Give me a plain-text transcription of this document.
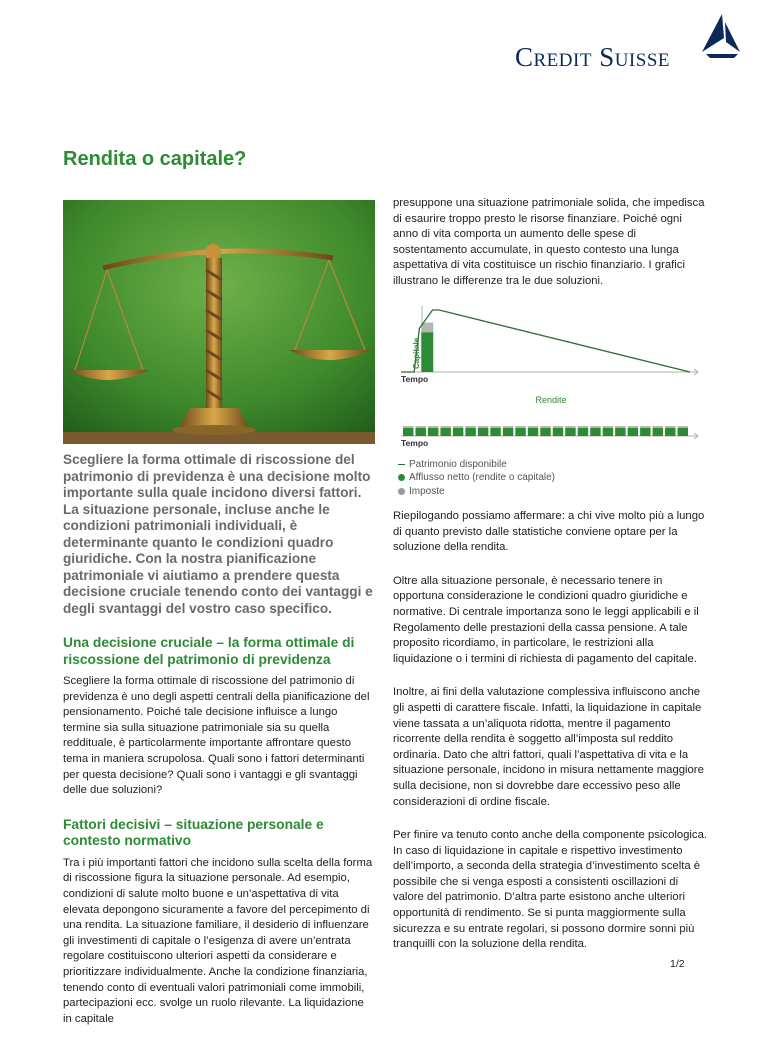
Credit Suisse
Rendita o capitale?

Scegliere la forma ottimale di riscossione del patrimonio di previdenza è una decisione molto importante sulla quale incidono diversi fattori. La situazione personale, incluse anche le condizioni patrimoniali individuali, è determinante quanto le condizioni quadro giuridiche. Con la nostra pianificazione patrimoniale vi aiutiamo a prendere questa decisione cruciale tenendo conto dei vantaggi e degli svantaggi del vostro caso specifico.

Una decisione cruciale – la forma ottimale di riscossione del patrimonio di previdenza

Scegliere la forma ottimale di riscossione del patrimonio di previdenza è uno degli aspetti centrali della pianificazione del pensionamento. Poiché tale decisione influisce a lungo termine sia sulla situazione patrimoniale sia su quella reddituale, è particolarmente importante affrontare questo tema in maniera scrupolosa. Quali sono i fattori determinanti per questa decisione? Quali sono i vantaggi e gli svantaggi delle due soluzioni?

Fattori decisivi – situazione personale e contesto normativo

Tra i più importanti fattori che incidono sulla scelta della forma di riscossione figura la situazione personale. Ad esempio, condizioni di salute molto buone e un’aspettativa di vita elevata depongono sicuramente a favore del percepimento di una rendita. La situazione familiare, il desiderio di influenzare gli investimenti di capitale o l’esigenza di avere un’entrata regolare costituiscono ulteriori aspetti da considerare e prioritizzare individualmente. Anche la condizione finanziaria, tenendo conto di eventuali valori patrimoniali come immobili, partecipazioni ecc. svolge un ruolo rilevante. La liquidazione in capitale

presuppone una situazione patrimoniale solida, che impedisca di esaurire troppo presto le risorse finanziare. Poiché ogni anno di vita comporta un aumento delle spese di sostentamento accumulate, in questo contesto una lunga aspettativa di vita costituisce un rischio finanziario. I grafici illustrano le differenze tra le due soluzioni.

Capitale
Tempo
Rendite
Tempo
Patrimonio disponibile
Afflusso netto (rendite o capitale)
Imposte

Riepilogando possiamo affermare: a chi vive molto più a lungo di quanto previsto dalle statistiche conviene optare per la soluzione della rendita.

Oltre alla situazione personale, è necessario tenere in opportuna considerazione le condizioni quadro giuridiche e normative. Di centrale importanza sono le leggi applicabili e il Regolamento delle prestazioni della cassa pensione. A tale proposito ricordiamo, in particolare, le restrizioni alla liquidazione o i termini di richiesta di pagamento del capitale.

Inoltre, ai fini della valutazione complessiva influiscono anche gli aspetti di carattere fiscale. Infatti, la liquidazione in capitale viene tassata a un’aliquota ridotta, mentre il pagamento ricorrente della rendita è soggetto all’imposta sul reddito ordinaria. Dato che altri fattori, quali l’aspettativa di vita e la situazione personale, incidono in misura nettamente maggiore sulla decisione, non si dovrebbe dare eccessivo peso alle considerazioni di ordine fiscale.

Per finire va tenuto conto anche della componente psicologica. In caso di liquidazione in capitale e rispettivo investimento dell’importo, a seconda della strategia d’investimento scelta è possibile che si venga esposti a consistenti oscillazioni di valore del patrimonio. D’altra parte esistono anche ulteriori opportunità di rendimento. Se si punta maggiormente sulla sicurezza e su entrate regolari, si possono dormire sonni più tranquilli con la soluzione della rendita.

1/2
